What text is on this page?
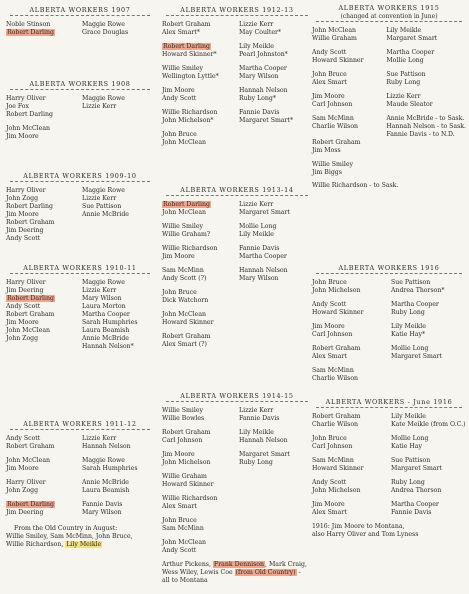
ALBERTA WORKERS 1907
Noble Stinson	Maggie Rowe
Robert Darling	Grace Douglas
ALBERTA WORKERS 1908
Harry Oliver	Maggie Rowe
Joe Fox	Lizzie Kerr
Robert Darling
John McClean
Jim Moore
ALBERTA WORKERS 1909-10
Harry Oliver	Maggie Rowe
John Zogg	Lizzie Kerr
Robert Darling	Sue Pattison
Jim Moore	Annie McBride
Robert Graham
Jim Deering
Andy Scott
ALBERTA WORKERS 1910-11
Harry Oliver	Maggie Rowe
Jim Deering	Lizzie Kerr
Robert Darling	Mary Wilson
Andy Scott	Laura Morton
Robert Graham	Martha Cooper
Jim Moore	Sarah Humphries
John McClean	Laura Beamish
John Zogg	Annie McBride
Hannah Nelson*
ALBERTA WORKERS 1911-12
Andy Scott	Lizzie Kerr
Robert Graham	Hannah Nelson
John McClean	Maggie Rowe
Jim Moore	Sarah Humphries
Harry Oliver	Annie McBride
John Zogg	Laura Beamish
Robert Darling	Fannie Davis
Jim Deering	Mary Wilson
From the Old Country in August:
Willie Smiley, Sam McMinn, John Bruce,
Willie Richardson, Lily Meikle
ALBERTA WORKERS 1912-13
Robert Graham	Lizzie Kerr
Alex Smart*	May Coulter*
Robert Darling	Lily Meikle
Howard Skinner*	Pearl Johnston*
Willie Smiley	Martha Cooper
Wellington Lyttle*	Mary Wilson
Jim Moore	Hannah Nelson
Andy Scott	Ruby Long*
Willie Richardson	Fannie Davis
John Michelson*	Margaret Smart*
John Bruce
John McClean
ALBERTA WORKERS 1913-14
Robert Darling	Lizzie Kerr
John McClean	Margaret Smart
Willie Smiley	Mollie Long
Willie Graham?	Lily Meikle
Willie Richardson	Fannie Davis
Jim Moore	Martha Cooper
Sam McMinn	Hannah Nelson
Andy Scott (?)	Mary Wilson
John Bruce
Dick Watchorn
John McClean
Howard Skinner
Robert Graham
Alex Smart (?)
ALBERTA WORKERS 1914-15
Willie Smiley	Lizzie Kerr
Willie Bowles	Fannie Davis
Robert Graham	Lily Meikle
Carl Johnson	Hannah Nelson
Jim Moore	Margaret Smart
John Michelson	Ruby Long
Willie Graham
Howard Skinner
Willie Richardson
Alex Smart
John Bruce
Sam McMinn
John McClean
Andy Scott
Arthur Pickens, Frank Dennison, Mark Craig,
Wess Wiley, Lewis Coe (from Old Country) -
all to Montana
ALBERTA WORKERS 1915
(changed at convention in June)
John McClean	Lily Meikle
Willie Graham	Margaret Smart
Andy Scott	Martha Cooper
Howard Skinner	Mollie Long
John Bruce	Sue Pattison
Alex Smart	Ruby Long
Jim Moore	Lizzie Kerr
Carl Johnson	Maude Sleator
Sam McMinn	Annie McBride - to Sask.
Charlie Wilson	Hannah Nelson - to Sask.
Fannie Davis - to N.D.
Robert Graham
Jim Moss
Willie Smiley
Jim Biggs
Willie Richardson - to Sask.
ALBERTA WORKERS 1916
John Bruce	Sue Pattison
John Michelson	Andrea Thorson*
Andy Scott	Martha Cooper
Howard Skinner	Ruby Long
Jim Moore	Lily Meikle
Carl Johnson	Katie Hay*
Robert Graham	Mollie Long
Alex Smart	Margaret Smart
Sam McMinn
Charlie Wilson
ALBERTA WORKERS - June 1916
Robert Graham	Lily Meikle
Charlie Wilson	Kate Meikle (from O.C.)
John Bruce	Mollie Long
Carl Johnson	Katie Hay
Sam McMinn	Sue Pattison
Howard Skinner	Margaret Smart
Andy Scott	Ruby Long
John Michelson	Andrea Thorson
Jim Moore	Martha Cooper
Alex Smart	Fannie Davis
1916: Jim Moore to Montana,
also Harry Oliver and Tom Lyness
